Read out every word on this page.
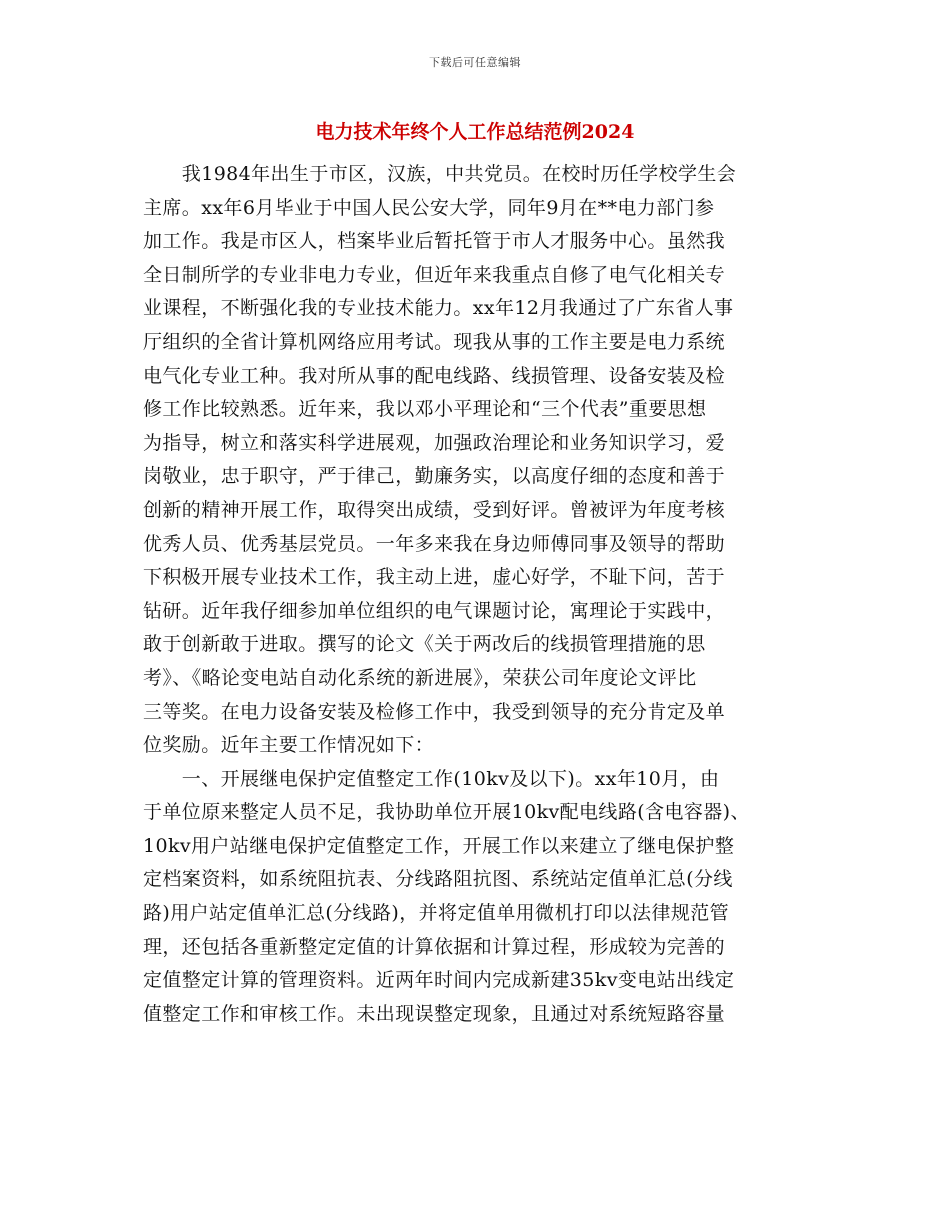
下载后可任意编辑
电力技术年终个人工作总结范例2024
　　我1984年出生于市区，汉族，中共党员。在校时历任学校学生会
主席。xx年6月毕业于中国人民公安大学，同年9月在**电力部门参
加工作。我是市区人，档案毕业后暂托管于市人才服务中心。虽然我
全日制所学的专业非电力专业，但近年来我重点自修了电气化相关专
业课程，不断强化我的专业技术能力。xx年12月我通过了广东省人事
厅组织的全省计算机网络应用考试。现我从事的工作主要是电力系统
电气化专业工种。我对所从事的配电线路、线损管理、设备安装及检
修工作比较熟悉。近年来，我以邓小平理论和“三个代表”重要思想
为指导，树立和落实科学进展观，加强政治理论和业务知识学习，爱
岗敬业，忠于职守，严于律己，勤廉务实，以高度仔细的态度和善于
创新的精神开展工作，取得突出成绩，受到好评。曾被评为年度考核
优秀人员、优秀基层党员。一年多来我在身边师傅同事及领导的帮助
下积极开展专业技术工作，我主动上进，虚心好学，不耻下问，苦于
钻研。近年我仔细参加单位组织的电气课题讨论，寓理论于实践中，
敢于创新敢于进取。撰写的论文《关于两改后的线损管理措施的思
考》、《略论变电站自动化系统的新进展》，荣获公司年度论文评比
三等奖。在电力设备安装及检修工作中，我受到领导的充分肯定及单
位奖励。近年主要工作情况如下：
　　一、开展继电保护定值整定工作(10kv及以下)。xx年10月，由
于单位原来整定人员不足，我协助单位开展10kv配电线路(含电容器)、
10kv用户站继电保护定值整定工作，开展工作以来建立了继电保护整
定档案资料，如系统阻抗表、分线路阻抗图、系统站定值单汇总(分线
路)用户站定值单汇总(分线路)，并将定值单用微机打印以法律规范管
理，还包括各重新整定定值的计算依据和计算过程，形成较为完善的
定值整定计算的管理资料。近两年时间内完成新建35kv变电站出线定
值整定工作和审核工作。未出现误整定现象，且通过对系统短路容量
